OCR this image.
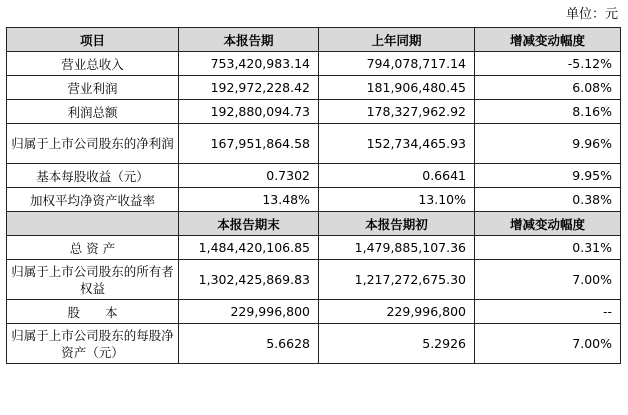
单位：元
项目	本报告期	上年同期	增减变动幅度
营业总收入	753,420,983.14	794,078,717.14	-5.12%
营业利润	192,972,228.42	181,906,480.45	6.08%
利润总额	192,880,094.73	178,327,962.92	8.16%
归属于上市公司股东的净利润	167,951,864.58	152,734,465.93	9.96%
基本每股收益（元）	0.7302	0.6641	9.95%
加权平均净资产收益率	13.48%	13.10%	0.38%
	本报告期末	本报告期初	增减变动幅度
总 资 产	1,484,420,106.85	1,479,885,107.36	0.31%
归属于上市公司股东的所有者权益	1,302,425,869.83	1,217,272,675.30	7.00%
股　　本	229,996,800	229,996,800	--
归属于上市公司股东的每股净资产（元）	5.6628	5.2926	7.00%
